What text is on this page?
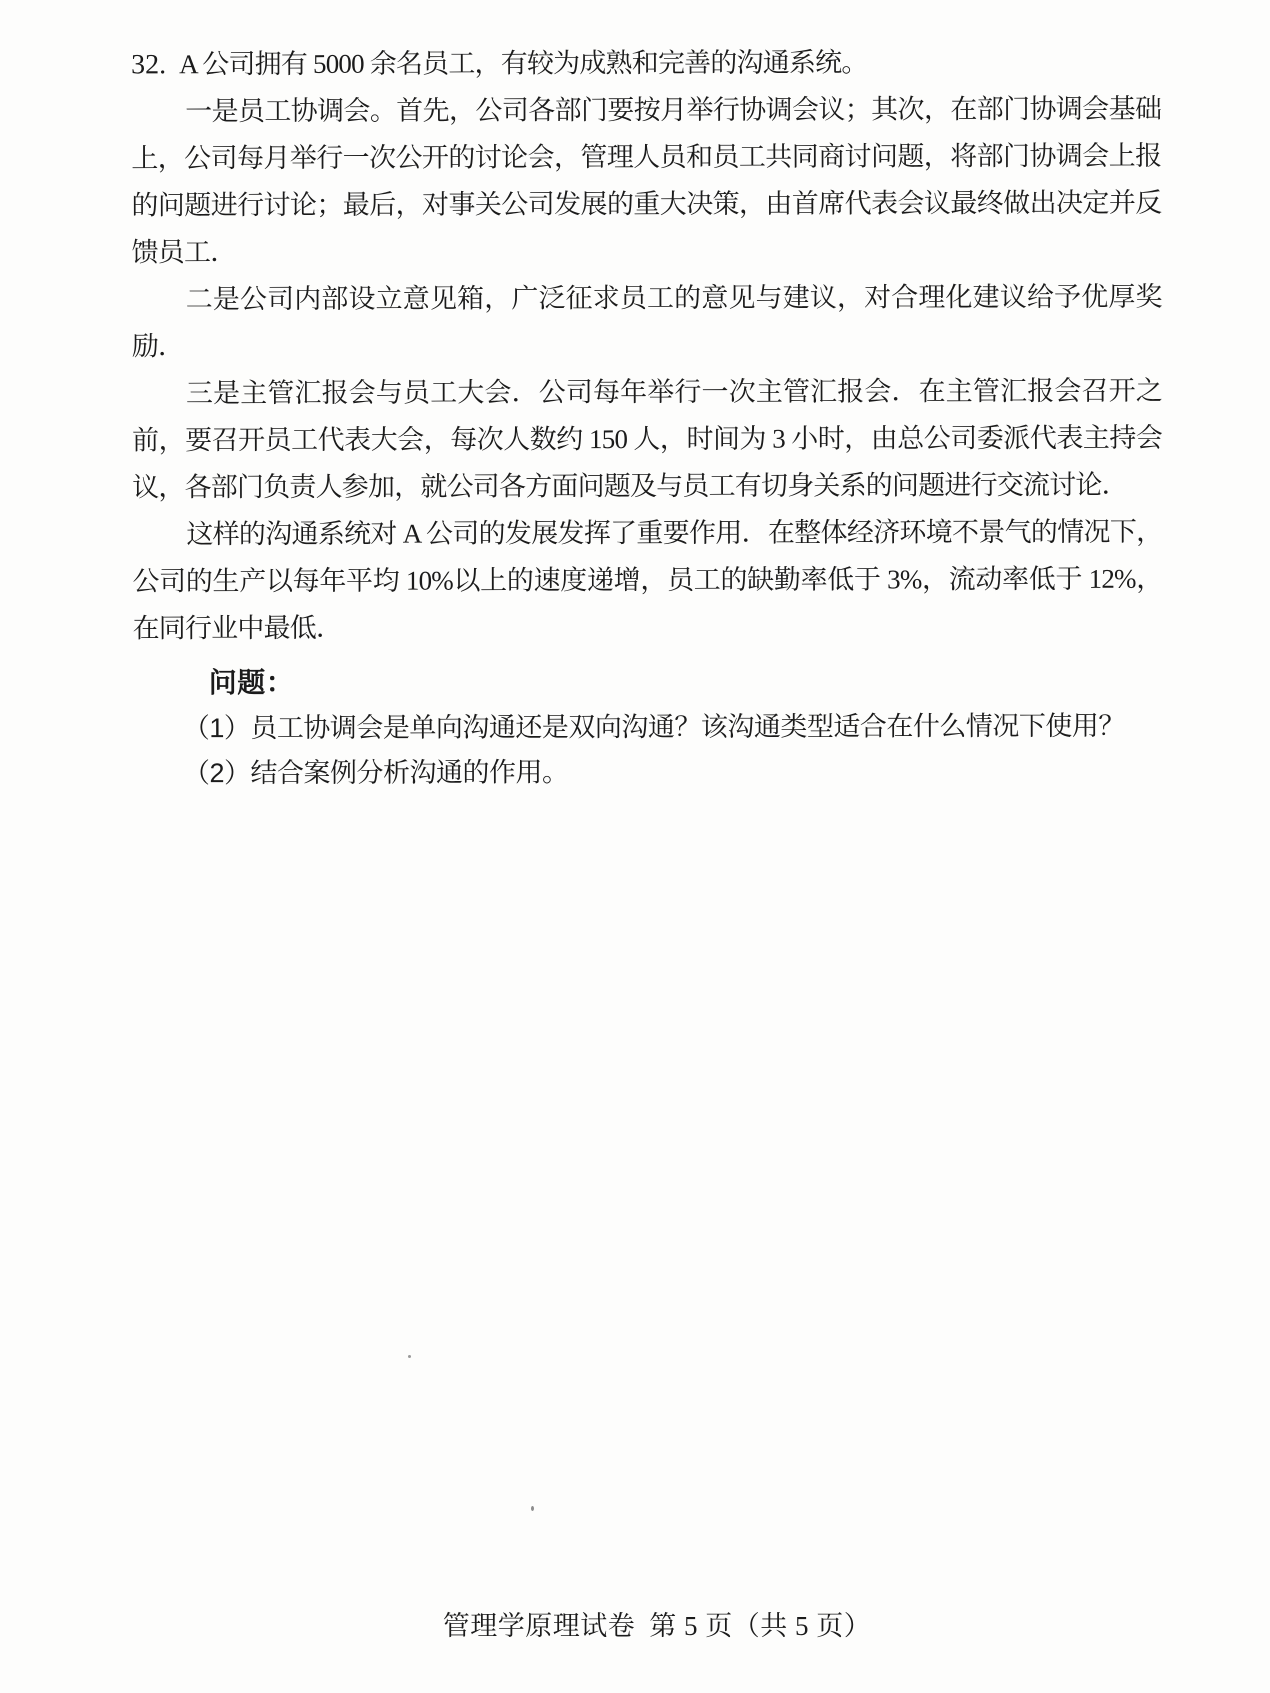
32. A 公司拥有 5000 余名员工，有较为成熟和完善的沟通系统。

一是员工协调会。首先，公司各部门要按月举行协调会议；其次，在部门协调会基础上，公司每月举行一次公开的讨论会，管理人员和员工共同商讨问题，将部门协调会上报的问题进行讨论；最后，对事关公司发展的重大决策，由首席代表会议最终做出决定并反馈员工．

二是公司内部设立意见箱，广泛征求员工的意见与建议，对合理化建议给予优厚奖励．

三是主管汇报会与员工大会．公司每年举行一次主管汇报会．在主管汇报会召开之前，要召开员工代表大会，每次人数约 150 人，时间为 3 小时，由总公司委派代表主持会议，各部门负责人参加，就公司各方面问题及与员工有切身关系的问题进行交流讨论．

这样的沟通系统对 A 公司的发展发挥了重要作用．在整体经济环境不景气的情况下，公司的生产以每年平均 10%以上的速度递增，员工的缺勤率低于 3%，流动率低于 12%，在同行业中最低．

问题：

（1）员工协调会是单向沟通还是双向沟通？该沟通类型适合在什么情况下使用？

（2）结合案例分析沟通的作用。

管理学原理试卷 第 5 页（共 5 页）
